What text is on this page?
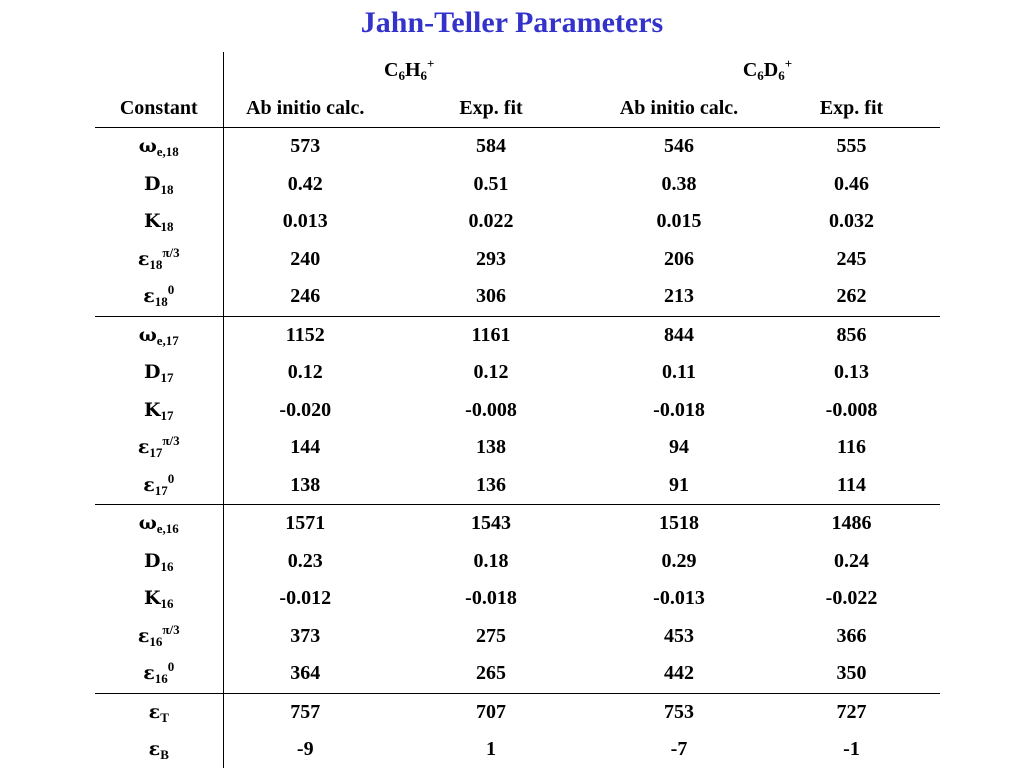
Jahn-Teller Parameters
	$C_6H_6^+$		$C_6D_6^+$
Constant	Ab initio calc.	Exp. fit	Ab initio calc.	Exp. fit
$\omega_{e,18}$	573	584	546	555
$D_{18}$	0.42	0.51	0.38	0.46
$K_{18}$	0.013	0.022	0.015	0.032
$\varepsilon_{18}^{\pi/3}$	240	293	206	245
$\varepsilon_{18}^0$	246	306	213	262
$\omega_{e,17}$	1152	1161	844	856
$D_{17}$	0.12	0.12	0.11	0.13
$K_{17}$	-0.020	-0.008	-0.018	-0.008
$\varepsilon_{17}^{\pi/3}$	144	138	94	116
$\varepsilon_{17}^0$	138	136	91	114
$\omega_{e,16}$	1571	1543	1518	1486
$D_{16}$	0.23	0.18	0.29	0.24
$K_{16}$	-0.012	-0.018	-0.013	-0.022
$\varepsilon_{16}^{\pi/3}$	373	275	453	366
$\varepsilon_{16}^0$	364	265	442	350
$\varepsilon_T$	757	707	753	727
$\varepsilon_B$	-9	1	-7	-1
